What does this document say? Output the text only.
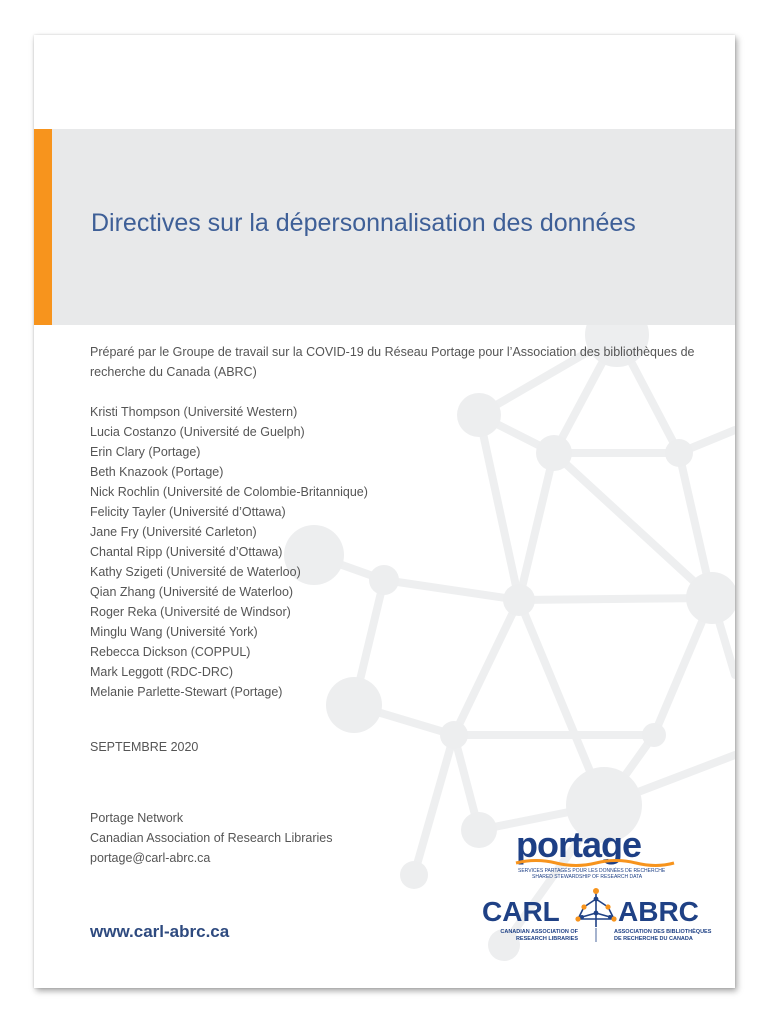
Directives sur la dépersonnalisation des données

Préparé par le Groupe de travail sur la COVID-19 du Réseau Portage pour l’Association des bibliothèques de recherche du Canada (ABRC)

Kristi Thompson (Université Western)
Lucia Costanzo (Université de Guelph)
Erin Clary (Portage)
Beth Knazook (Portage)
Nick Rochlin (Université de Colombie-Britannique)
Felicity Tayler (Université d’Ottawa)
Jane Fry (Université Carleton)
Chantal Ripp (Université d’Ottawa)
Kathy Szigeti (Université de Waterloo)
Qian Zhang (Université de Waterloo)
Roger Reka (Université de Windsor)
Minglu Wang (Université York)
Rebecca Dickson (COPPUL)
Mark Leggott (RDC-DRC)
Melanie Parlette-Stewart (Portage)

SEPTEMBRE 2020

Portage Network
Canadian Association of Research Libraries
portage@carl-abrc.ca
www.carl-abrc.ca
portage
SERVICES PARTAGÉS POUR LES DONNÉES DE RECHERCHE
SHARED STEWARDSHIP OF RESEARCH DATA
CARL ABRC
CANADIAN ASSOCIATION OF
RESEARCH LIBRARIES
ASSOCIATION DES BIBLIOTHÈQUES
DE RECHERCHE DU CANADA
